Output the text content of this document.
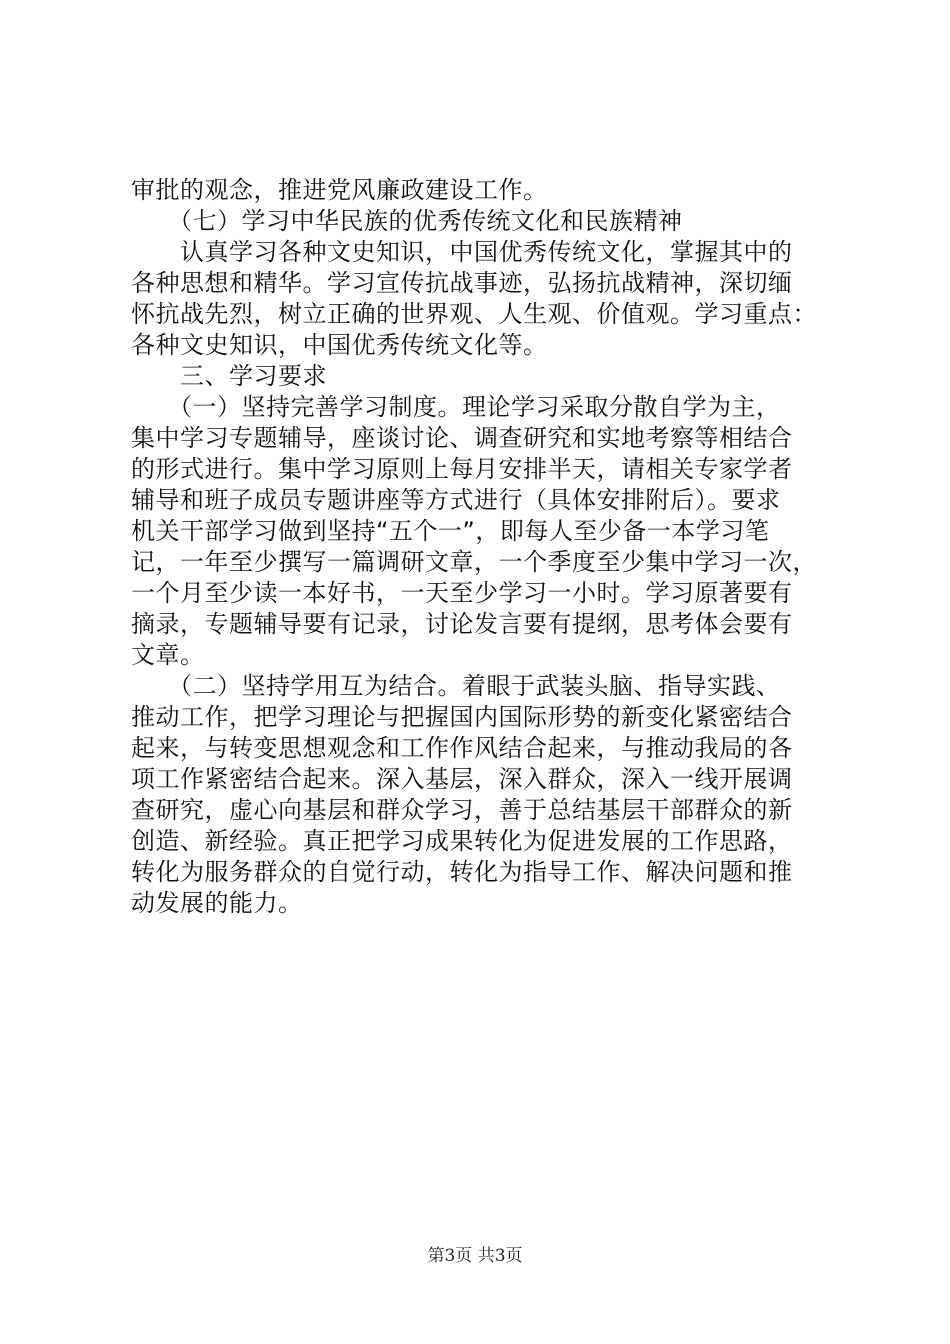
审批的观念，推进党风廉政建设工作。
　　（七）学习中华民族的优秀传统文化和民族精神
　　认真学习各种文史知识，中国优秀传统文化，掌握其中的
各种思想和精华。学习宣传抗战事迹，弘扬抗战精神，深切缅
怀抗战先烈，树立正确的世界观、人生观、价值观。学习重点：
各种文史知识，中国优秀传统文化等。
　　三、学习要求
　　（一）坚持完善学习制度。理论学习采取分散自学为主，
集中学习专题辅导，座谈讨论、调查研究和实地考察等相结合
的形式进行。集中学习原则上每月安排半天，请相关专家学者
辅导和班子成员专题讲座等方式进行（具体安排附后）。要求
机关干部学习做到坚持“五个一”，即每人至少备一本学习笔
记，一年至少撰写一篇调研文章，一个季度至少集中学习一次，
一个月至少读一本好书，一天至少学习一小时。学习原著要有
摘录，专题辅导要有记录，讨论发言要有提纲，思考体会要有
文章。
　　（二）坚持学用互为结合。着眼于武装头脑、指导实践、
推动工作，把学习理论与把握国内国际形势的新变化紧密结合
起来，与转变思想观念和工作作风结合起来，与推动我局的各
项工作紧密结合起来。深入基层，深入群众，深入一线开展调
查研究，虚心向基层和群众学习，善于总结基层干部群众的新
创造、新经验。真正把学习成果转化为促进发展的工作思路，
转化为服务群众的自觉行动，转化为指导工作、解决问题和推
动发展的能力。
第3页 共3页
